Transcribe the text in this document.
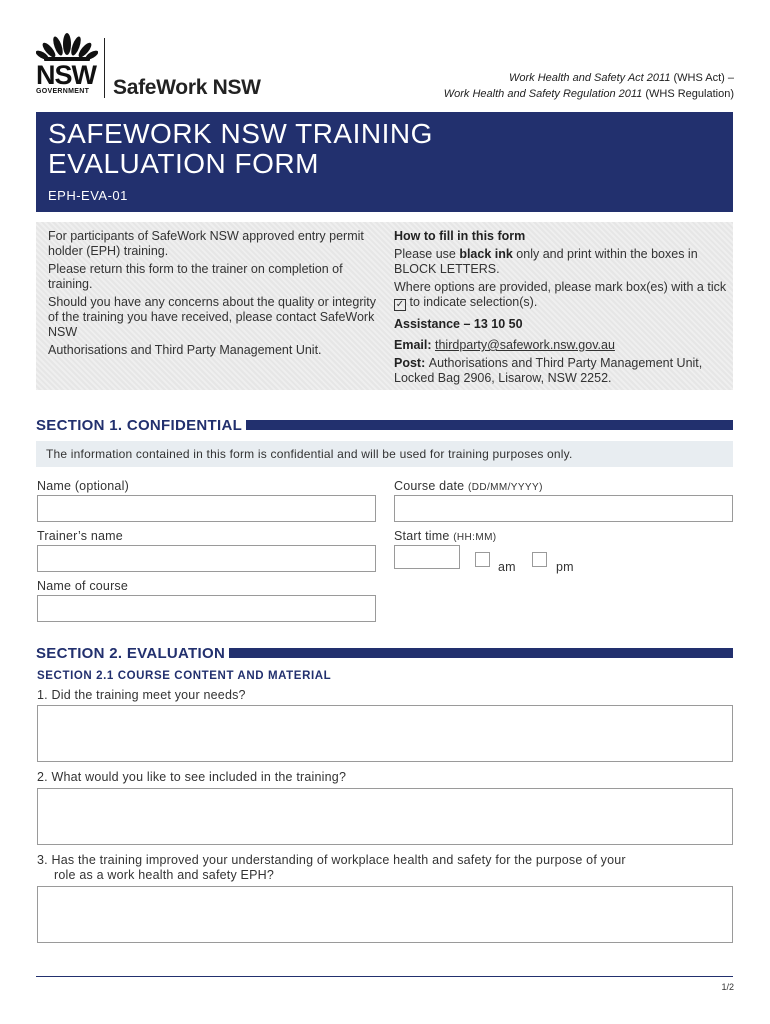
NSW
GOVERNMENT SafeWork NSW	Work Health and Safety Act 2011 (WHS Act) –
Work Health and Safety Regulation 2011 (WHS Regulation)
SAFEWORK NSW TRAINING
EVALUATION FORM
EPH-EVA-01

For participants of SafeWork NSW approved entry permit holder (EPH) training.

Please return this form to the trainer on completion of training.

Should you have any concerns about the quality or integrity of the training you have received, please contact SafeWork NSW

Authorisations and Third Party Management Unit.

How to fill in this form

Please use black ink only and print within the boxes in BLOCK LETTERS.

Where options are provided, please mark box(es) with a tick ✓ to indicate selection(s).

Assistance – 13 10 50

Email: thirdparty@safework.nsw.gov.au

Post: Authorisations and Third Party Management Unit, Locked Bag 2906, Lisarow, NSW 2252.

SECTION 1. CONFIDENTIAL
The information contained in this form is confidential and will be used for training purposes only.
Name (optional)	Course date (DD/MM/YYYY)
Trainer’s name	Start time (HH:MM)
am	pm
Name of course
SECTION 2. EVALUATION
SECTION 2.1 COURSE CONTENT AND MATERIAL
1. Did the training meet your needs?
2. What would you like to see included in the training?
3. Has the training improved your understanding of workplace health and safety for the purpose of your
role as a work health and safety EPH?
1/2
